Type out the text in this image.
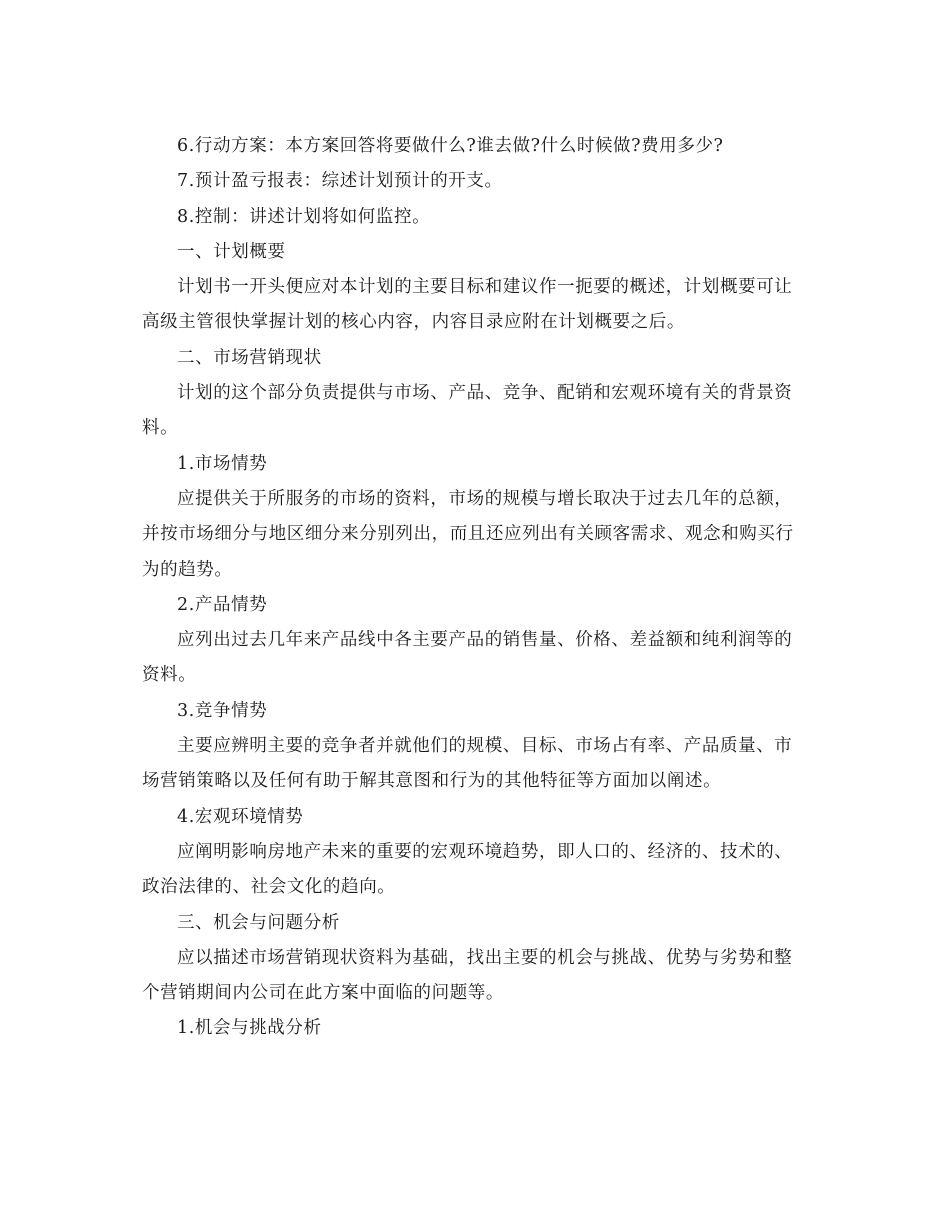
6.行动方案：本方案回答将要做什么?谁去做?什么时候做?费用多少?

7.预计盈亏报表：综述计划预计的开支。

8.控制：讲述计划将如何监控。

一、计划概要

计划书一开头便应对本计划的主要目标和建议作一扼要的概述，计划概要可让高级主管很快掌握计划的核心内容，内容目录应附在计划概要之后。

二、市场营销现状

计划的这个部分负责提供与市场、产品、竞争、配销和宏观环境有关的背景资料。

1.市场情势

应提供关于所服务的市场的资料，市场的规模与增长取决于过去几年的总额，并按市场细分与地区细分来分别列出，而且还应列出有关顾客需求、观念和购买行为的趋势。

2.产品情势

应列出过去几年来产品线中各主要产品的销售量、价格、差益额和纯利润等的资料。

3.竞争情势

主要应辨明主要的竞争者并就他们的规模、目标、市场占有率、产品质量、市场营销策略以及任何有助于解其意图和行为的其他特征等方面加以阐述。

4.宏观环境情势

应阐明影响房地产未来的重要的宏观环境趋势，即人口的、经济的、技术的、政治法律的、社会文化的趋向。

三、机会与问题分析

应以描述市场营销现状资料为基础，找出主要的机会与挑战、优势与劣势和整个营销期间内公司在此方案中面临的问题等。

1.机会与挑战分析
